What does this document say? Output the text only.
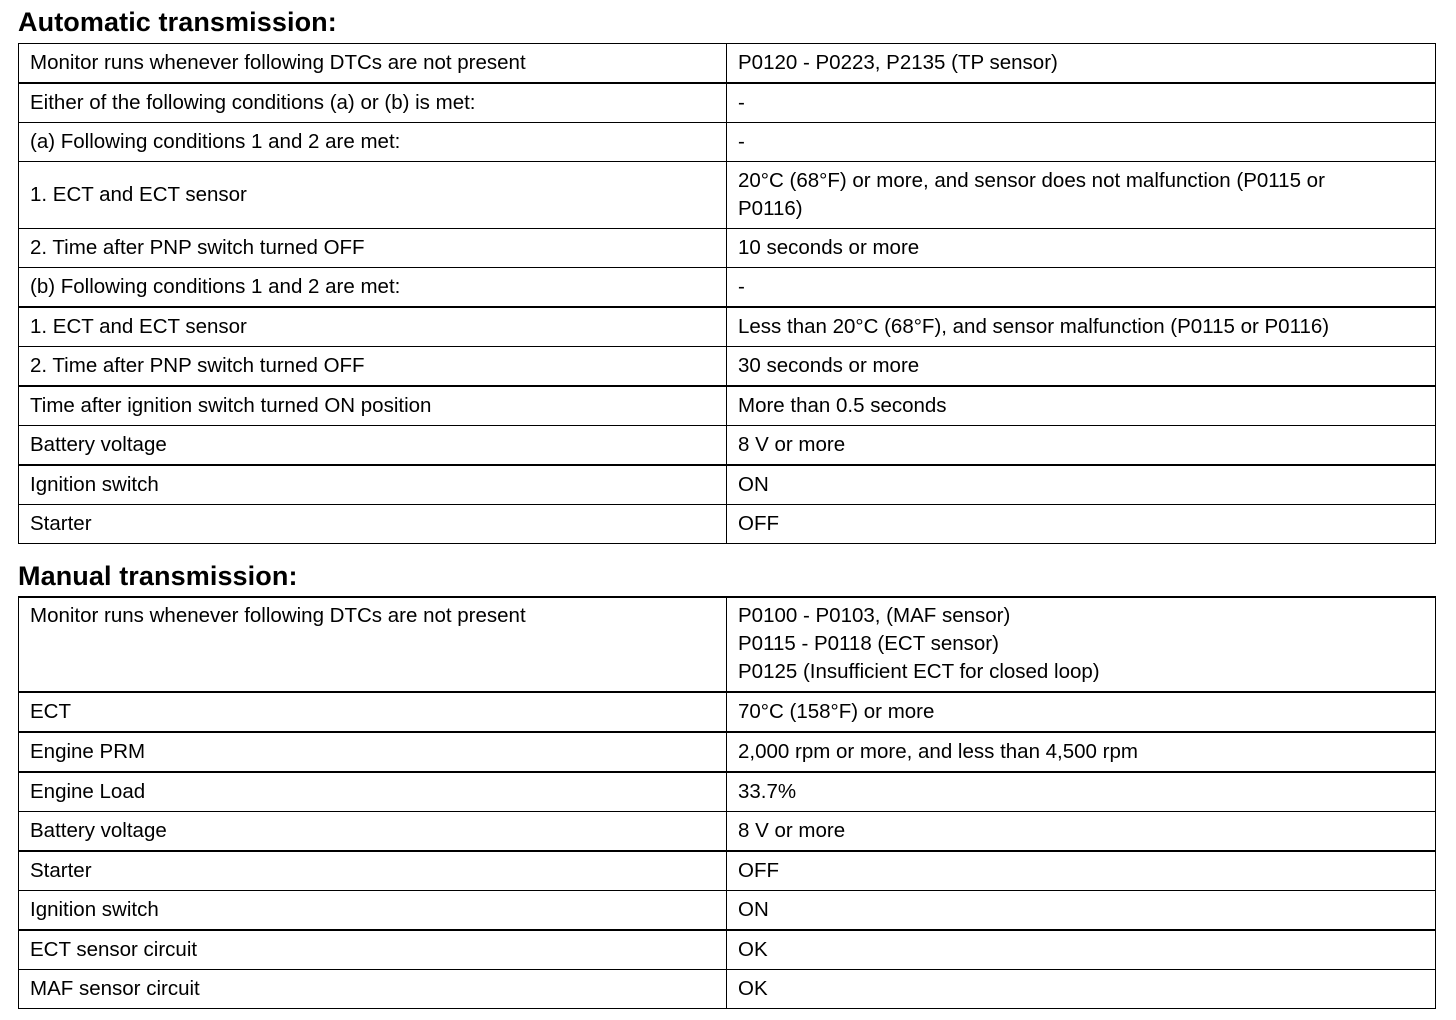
Automatic transmission:
Monitor runs whenever following DTCs are not present	P0120 - P0223, P2135 (TP sensor)
Either of the following conditions (a) or (b) is met:	-
(a) Following conditions 1 and 2 are met:	-
1. ECT and ECT sensor	20°C (68°F) or more, and sensor does not malfunction (P0115 or
P0116)

2. Time after PNP switch turned OFF	10 seconds or more
(b) Following conditions 1 and 2 are met:	-
1. ECT and ECT sensor	Less than 20°C (68°F), and sensor malfunction (P0115 or P0116)
2. Time after PNP switch turned OFF	30 seconds or more
Time after ignition switch turned ON position	More than 0.5 seconds
Battery voltage	8 V or more
Ignition switch	ON
Starter	OFF
Manual transmission:
Monitor runs whenever following DTCs are not present	P0100 - P0103, (MAF sensor)
P0115 - P0118 (ECT sensor)
P0125 (Insufficient ECT for closed loop)

ECT	70°C (158°F) or more
Engine PRM	2,000 rpm or more, and less than 4,500 rpm
Engine Load	33.7%
Battery voltage	8 V or more
Starter	OFF
Ignition switch	ON
ECT sensor circuit	OK
MAF sensor circuit	OK
